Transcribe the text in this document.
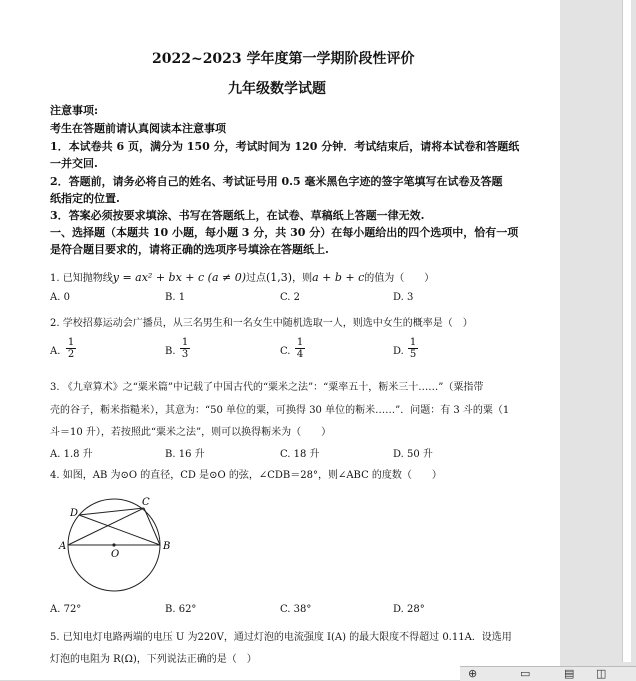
2022~2023 学年度第一学期阶段性评价
九年级数学试题
注意事项:
考生在答题前请认真阅读本注意事项
1．本试卷共 6 页，满分为 150 分，考试时间为 120 分钟．考试结束后，请将本试卷和答题纸
一并交回.
2．答题前，请务必将自己的姓名、考试证号用 0.5 毫米黑色字迹的签字笔填写在试卷及答题
纸指定的位置.
3．答案必须按要求填涂、书写在答题纸上，在试卷、草稿纸上答题一律无效.
一、选择题（本题共 10 小题，每小题 3 分，共 30 分）在每小题给出的四个选项中，恰有一项
是符合题目要求的，请将正确的选项序号填涂在答题纸上.
1. 已知抛物线y = ax² + bx + c (a ≠ 0)过点(1,3)，则a + b + c的值为（　　）
A. 0	B. 1	C. 2	D. 3
2. 学校招募运动会广播员，从三名男生和一名女生中随机选取一人，则选中女生的概率是（　）
A. $\frac{1}{2}$	B. $\frac{1}{3}$	C. $\frac{1}{4}$	D. $\frac{1}{5}$
3. 《九章算术》之“粟米篇”中记载了中国古代的“粟米之法”：“粟率五十，粝米三十……”（粟指带
壳的谷子，粝米指糙米），其意为：“50 单位的粟，可换得 30 单位的粝米……”．问题：有 3 斗的粟（1
斗＝10 升），若按照此“粟米之法”，则可以换得粝米为（　　）
A. 1.8 升	B. 16 升	C. 18 升	D. 50 升
4. 如图，AB 为⊙O 的直径，CD 是⊙O 的弦，∠CDB＝28°，则∠ABC 的度数（　　）
A	B
C
D
O
A. 72°	B. 62°	C. 38°	D. 28°
5. 已知电灯电路两端的电压 U 为220V，通过灯泡的电流强度 I(A) 的最大限度不得超过 0.11A．设选用
灯泡的电阻为 R(Ω)，下列说法正确的是（　）
⊕	▭	▤ ◫
